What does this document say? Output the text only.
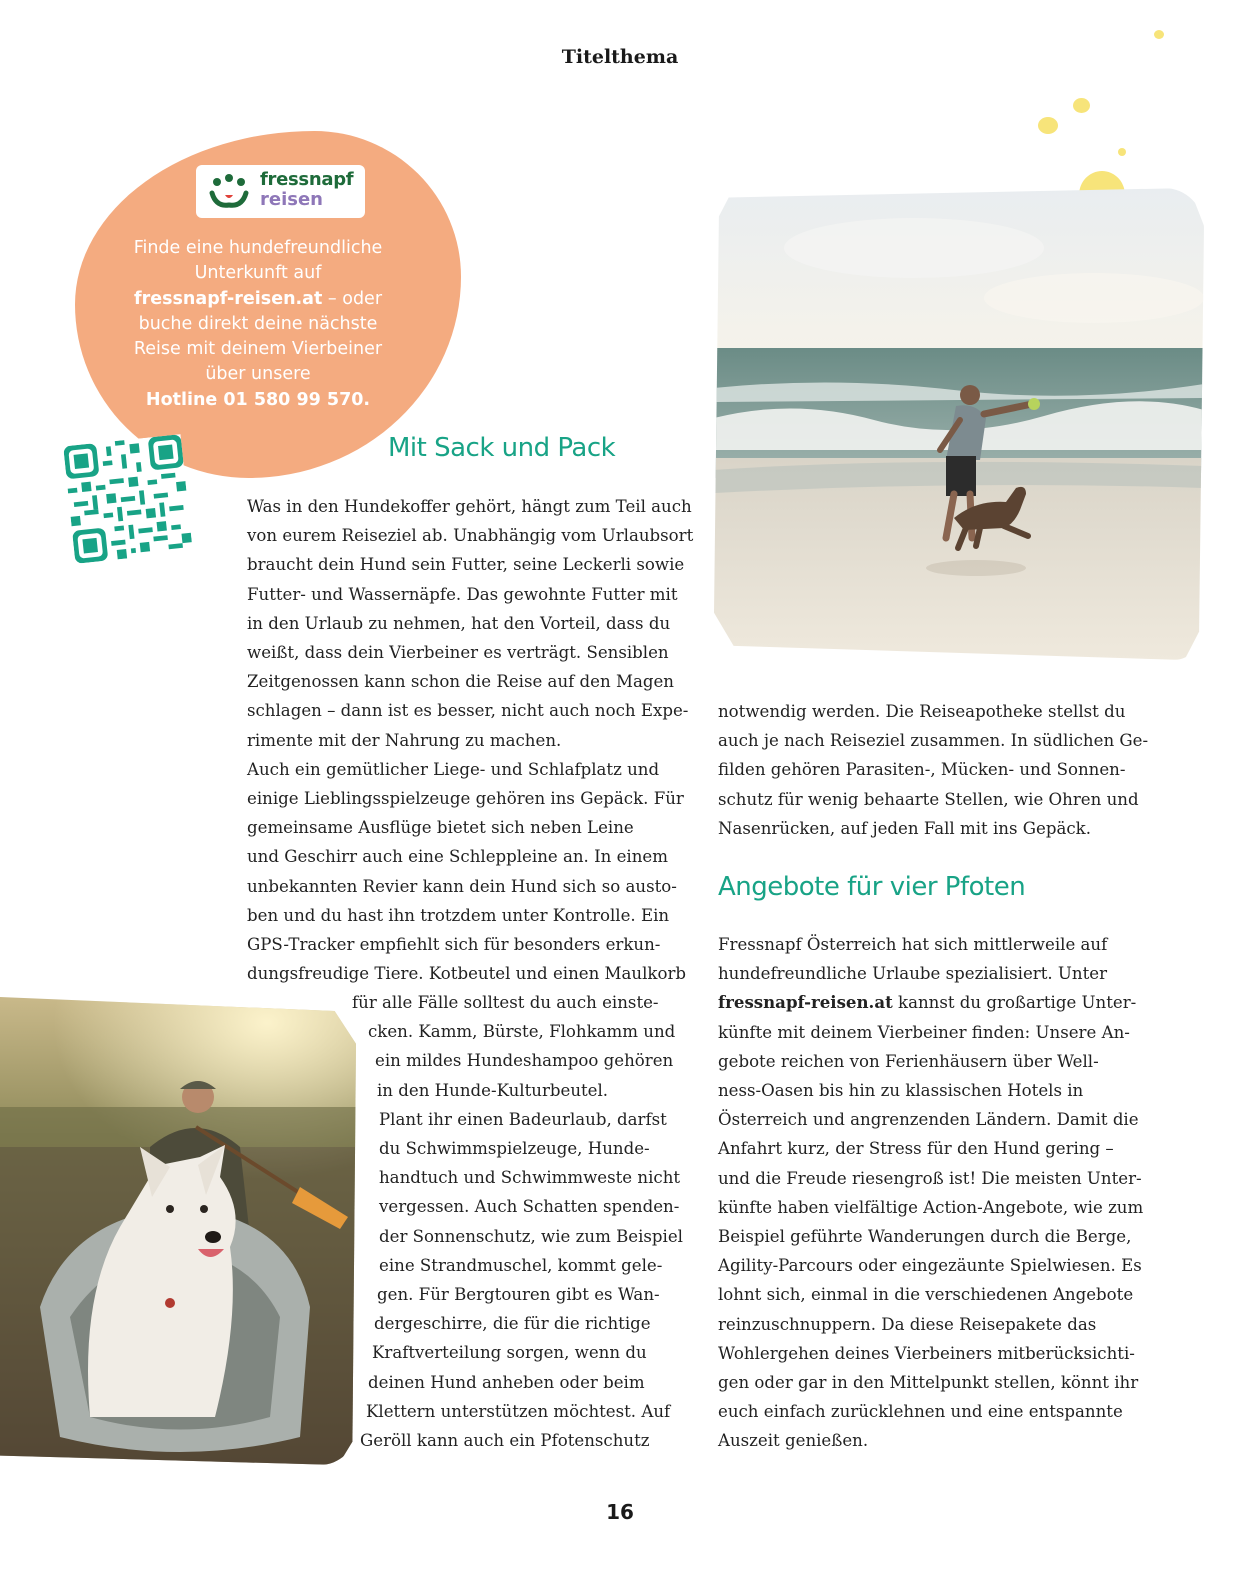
Titelthema
fressnapf
reisen
Finde eine hundefreundliche
Unterkunft auf
fressnapf-reisen.at – oder
buche direkt deine nächste
Reise mit deinem Vierbeiner
über unsere
Hotline 01 580 99 570.
Mit Sack und Pack
Was in den Hundekoffer gehört, hängt zum Teil auch
von eurem Reiseziel ab. Unabhängig vom Urlaubsort
braucht dein Hund sein Futter, seine Leckerli sowie
Futter- und Wassernäpfe. Das gewohnte Futter mit
in den Urlaub zu nehmen, hat den Vorteil, dass du
weißt, dass dein Vierbeiner es verträgt. Sensiblen
Zeitgenossen kann schon die Reise auf den Magen
schlagen – dann ist es besser, nicht auch noch Expe-
rimente mit der Nahrung zu machen.
Auch ein gemütlicher Liege- und Schlafplatz und
einige Lieblingsspielzeuge gehören ins Gepäck. Für
gemeinsame Ausflüge bietet sich neben Leine
und Geschirr auch eine Schleppleine an. In einem
unbekannten Revier kann dein Hund sich so austo-
ben und du hast ihn trotzdem unter Kontrolle. Ein
GPS-Tracker empfiehlt sich für besonders erkun-
dungsfreudige Tiere. Kotbeutel und einen Maulkorb
für alle Fälle solltest du auch einste-
cken. Kamm, Bürste, Flohkamm und
ein mildes Hundeshampoo gehören
in den Hunde-Kulturbeutel.
Plant ihr einen Badeurlaub, darfst
du Schwimmspielzeuge, Hunde-
handtuch und Schwimmweste nicht
vergessen. Auch Schatten spenden-
der Sonnenschutz, wie zum Beispiel
eine Strandmuschel, kommt gele-
gen. Für Bergtouren gibt es Wan-
dergeschirre, die für die richtige
Kraftverteilung sorgen, wenn du
deinen Hund anheben oder beim
Klettern unterstützen möchtest. Auf
Geröll kann auch ein Pfotenschutz
notwendig werden. Die Reiseapotheke stellst du
auch je nach Reiseziel zusammen. In südlichen Ge-
filden gehören Parasiten-, Mücken- und Sonnen-
schutz für wenig behaarte Stellen, wie Ohren und
Nasenrücken, auf jeden Fall mit ins Gepäck.
Angebote für vier Pfoten
Fressnapf Österreich hat sich mittlerweile auf
hundefreundliche Urlaube spezialisiert. Unter
fressnapf-reisen.at kannst du großartige Unter-
künfte mit deinem Vierbeiner finden: Unsere An-
gebote reichen von Ferienhäusern über Well-
ness-Oasen bis hin zu klassischen Hotels in
Österreich und angrenzenden Ländern. Damit die
Anfahrt kurz, der Stress für den Hund gering –
und die Freude riesengroß ist! Die meisten Unter-
künfte haben vielfältige Action-Angebote, wie zum
Beispiel geführte Wanderungen durch die Berge,
Agility-Parcours oder eingezäunte Spielwiesen. Es
lohnt sich, einmal in die verschiedenen Angebote
reinzuschnuppern. Da diese Reisepakete das
Wohlergehen deines Vierbeiners mitberücksichti-
gen oder gar in den Mittelpunkt stellen, könnt ihr
euch einfach zurücklehnen und eine entspannte
Auszeit genießen.
16
